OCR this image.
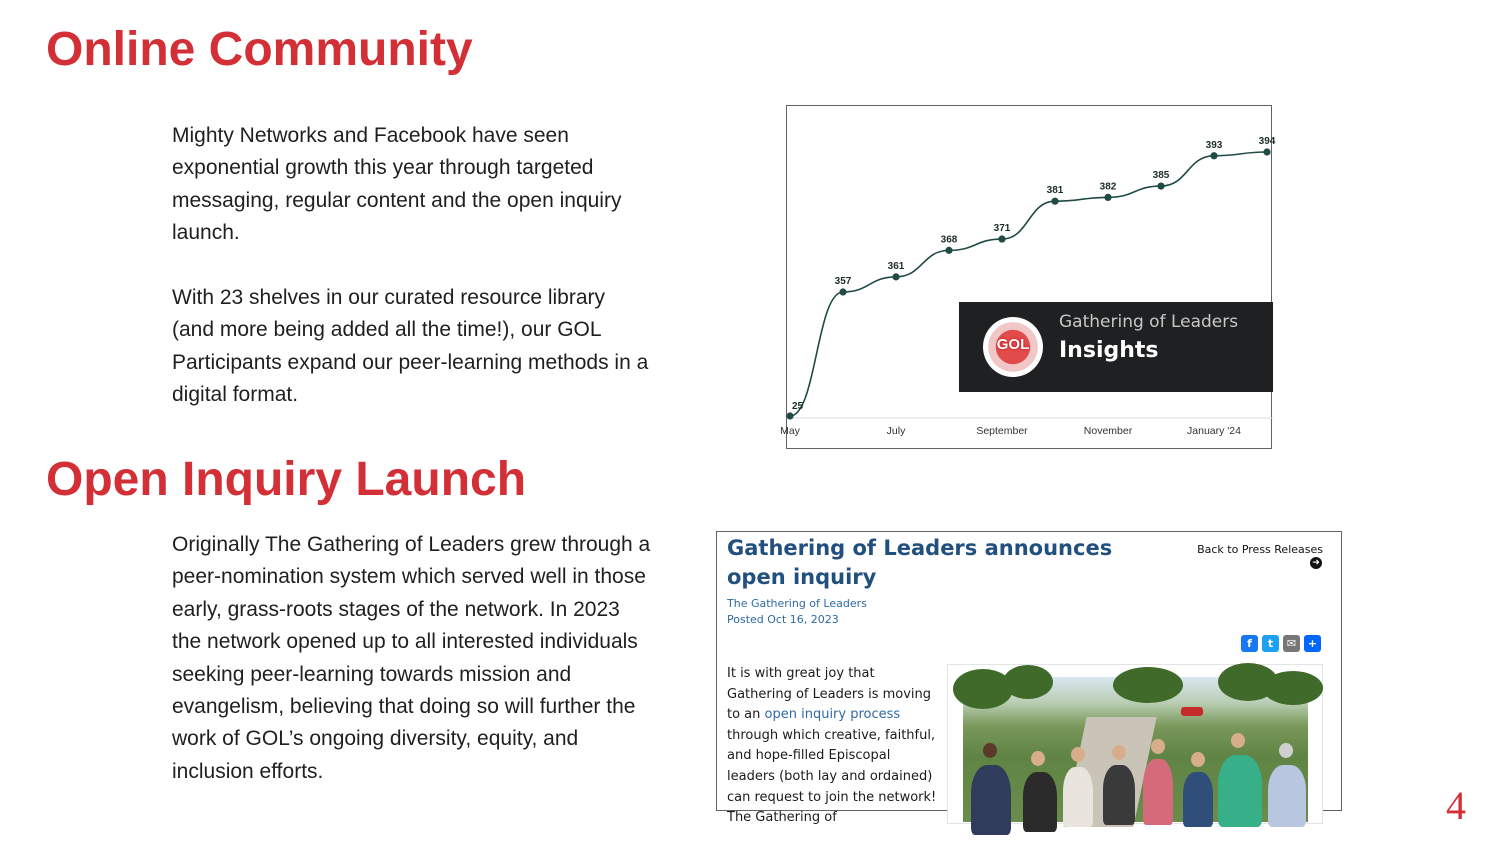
Online Community

Mighty Networks and Facebook have seen exponential growth this year through targeted messaging, regular content and the open inquiry launch.

With 23 shelves in our curated resource library (and more being added all the time!), our GOL Participants expand our peer-learning methods in a digital format.

Open Inquiry Launch

Originally The Gathering of Leaders grew through a peer-nomination system which served well in those early, grass-roots stages of the network. In 2023 the network opened up to all interested individuals seeking peer-learning towards mission and evangelism, believing that doing so will further the work of GOL’s ongoing diversity, equity, and inclusion efforts.

25
357
361
368
371
381	382
385
393	394
May	July	September	November	January '24
GOL
Gathering of Leaders
Insights
Gathering of Leaders announces open inquiry
Back to Press Releases
➜
The Gathering of Leaders
Posted Oct 16, 2023
f t ✉ +

It is with great joy that Gathering of Leaders is moving to an open inquiry process through which creative, faithful, and hope-filled Episcopal leaders (both lay and ordained) can request to join the network! The Gathering of	4
